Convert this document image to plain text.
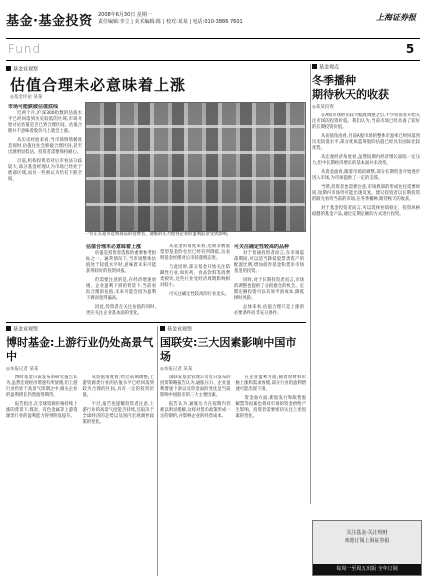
基金·基金投资 2008年6月30日 星期一
责任编辑:李立 | 美术编辑:陈 | 校对:某某 | 电话:010-3886 7601	上海证券报
Fund	5
基金业观察
估值合理未必意味着上涨
◎基金评论 某某
市场可能跌破估值底线

近两个月,沪深300指数的估值水平已经回落到历史较低的区域,市场开始讨论估值是否已到合理区间。估值合理并不意味着股价马上就会上涨。

从历史经验来看,当市场情绪极度悲观时,估值往往会跌破合理区间,甚至出现明显低估。投资者需要保持耐心。

目前,机构投资者对后市看法分歧较大,部分基金经理认为市场已经处于底部区域,而另一些则认为仍有下跌空间。

一位正在超市选购商品的消费者。通胀的压力使得企业的盈利前景受到影响。
估值合理未必意味着上涨

估值是投资者选股的重要参考指标之一。通常情况下,当市场整体估值处于较低水平时,意味着未来可能获得较好的投资回报。

但需要注意的是,在经济增速放缓、企业盈利下滑的背景下,当前看似合理的估值,未来可能会因为盈利下调而变得偏高。

因此,投资者在关注估值的同时,更应关注企业基本面的变化。

从基金的角度来看,近期多数股票型基金的仓位已经有所降低,这表明基金经理对后市持谨慎态度。

与此同时,部分基金开始关注防御性行业,如医药、食品饮料等消费类板块,这些行业受经济周期影响相对较小。

可关注确定性较高的行业龙头。

可关注确定性较高的品种

对于普通投资者而言,在市场震荡期间,可以适当降低股票类资产的配置比例,增加债券基金和货币市场基金的投资。

同时,对于长期投资者而言,市场的调整也提供了分批建仓的机会。定期定额投资可以有效平滑成本,降低择时风险。

总体来看,估值合理只是上涨的必要条件而非充分条件。

基金观点
冬季播种
期待秋天的收获
◎某某投资

在A股市场经历较大幅度调整之后,不少投资者开始关注市场的投资价值。我们认为,当前市场已经具备了较好的长期投资价值。

从估值角度看,目前A股市场的整体市盈率已经回落到历史较低水平,部分优质蓝筹股的估值已经具有国际比较优势。

从宏观经济角度看,虽然短期内经济增长面临一定压力,但中长期经济增长的基本面并未改变。

从资金面看,随着市场的调整,部分长期资金开始逐步进入市场,为市场提供了一定的支撑。

当然,投资者也需要注意,市场底部的形成往往需要时间,短期内市场仍可能出现反复。建议投资者以长期投资的眼光看待当前的市场,在冬季播种,期待秋天的收获。

对于基金投资者而言,可以选择业绩稳定、投资风格稳健的基金产品,通过定期定额的方式进行投资。

基金业观察
博时基金:上游行业仍处高景气中
◎本报记者 某某

博时基金日前发布的研究报告认为,虽然宏观经济增速有所放缓,但上游行业仍处于高景气周期之中,相关企业的盈利增长仍然值得期待。

报告指出,在全球资源价格持续上涨的背景下,煤炭、有色金属等上游资源类行业的盈利能力得到明显提升。

从估值角度看,经过前期调整,上游资源类行业的估值水平已经回落到较为合理的区间,具有一定的投资价值。

不过,报告也提醒投资者注意,上游行业的高景气度能否持续,还取决于全球经济的走势以及国内宏观调控政策的变化。

基金业观察
国联安:三大因素影响中国市场
◎本报记者 某某

国联安基金管理公司近日发布的投资策略报告认为,通胀压力、企业盈利增速下滑以及资金面的变化是当前影响中国股市的三大主要因素。

报告认为,通胀压力在短期内仍难以明显缓解,这将对货币政策形成一定的制约,并影响企业的经营成本。

在企业盈利方面,随着原材料价格上涨和需求放缓,部分行业的盈利增速可能出现下滑。

资金面方面,新股发行和限售股解禁等因素也将对市场的资金供给产生影响。投资者需要密切关注上述因素的变化。

关注基金·关注理财
欢迎订阅上海证券报
每周一至周五出版 全年订阅
